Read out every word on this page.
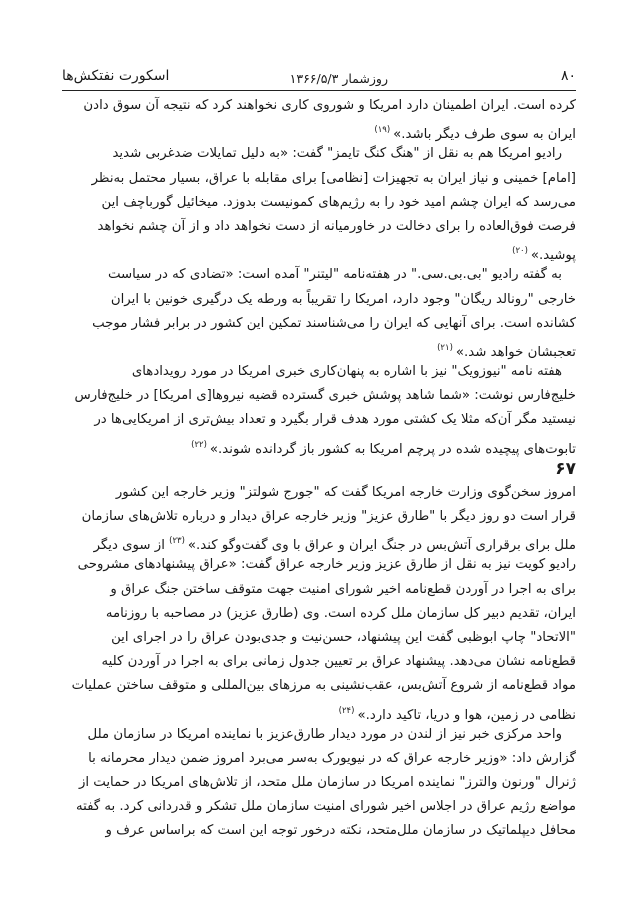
۸۰
روزشمار ۱۳۶۶/۵/۳
اسکورت نفتکش‌ها
کرده است. ایران اطمینان دارد امریکا و شوروی کاری نخواهند کرد که نتیجه آن سوق دادن
ایران به سوی طرف دیگر باشد.»$^{(۱۹)}$
رادیو امریکا هم به نقل از "هنگ کنگ تایمز" گفت: «به دلیل تمایلات ضدغربی شدید
[امام] خمینی و نیاز ایران به تجهیزات [نظامی] برای مقابله با عراق، بسیار محتمل به‌نظر
می‌رسد که ایران چشم امید خود را به رژیم‌های کمونیست بدوزد. میخائیل گورباچف این
فرصت فوق‌العاده را برای دخالت در خاورمیانه از دست نخواهد داد و از آن چشم نخواهد
پوشید.»$^{(۲۰)}$
به گفته رادیو "بی.بی.سی." در هفته‌نامه "لیتنر" آمده است: «تضادی که در سیاست
خارجی "رونالد ریگان" وجود دارد، امریکا را تقریباً به ورطه یک درگیری خونین با ایران
کشانده است. برای آنهایی که ایران را می‌شناسند تمکین این کشور در برابر فشار موجب
تعجبشان خواهد شد.»$^{(۲۱)}$
هفته نامه "نیوزویک" نیز با اشاره به پنهان‌کاری خبری امریکا در مورد رویدادهای
خلیج‌فارس نوشت: «شما شاهد پوشش خبری گسترده قضیه نیروها[ی امریکا] در خلیج‌فارس
نیستید مگر آن‌که مثلا یک کشتی مورد هدف قرار بگیرد و تعداد بیش‌تری از امریکایی‌ها در
تابوت‌های پیچیده شده در پرچم امریکا به کشور باز گردانده شوند.»$^{(۲۲)}$
۶۷
امروز سخن‌گوی وزارت خارجه امریکا گفت که "جورج شولتز" وزیر خارجه این کشور
قرار است دو روز دیگر با "طارق عزیز" وزیر خارجه عراق دیدار و درباره تلاش‌های سازمان
ملل برای برقراری آتش‌بس در جنگ ایران و عراق با وی گفت‌وگو کند.»$^{(۲۳)}$ از سوی دیگر
رادیو کویت نیز به نقل از طارق عزیز وزیر خارجه عراق گفت: «عراق پیشنهادهای مشروحی
برای به اجرا در آوردن قطع‌نامه اخیر شورای امنیت جهت متوقف ساختن جنگ عراق و
ایران، تقدیم دبیر کل سازمان ملل کرده است. وی (طارق عزیز) در مصاحبه با روزنامه
"الاتحاد" چاپ ابوظبی گفت این پیشنهاد، حسن‌نیت و جدی‌بودن عراق را در اجرای این
قطع‌نامه نشان می‌دهد. پیشنهاد عراق بر تعیین جدول زمانی برای به اجرا در آوردن کلیه
مواد قطع‌نامه از شروع آتش‌بس، عقب‌نشینی به مرزهای بین‌المللی و متوقف ساختن عملیات
نظامی در زمین، هوا و دریا، تاکید دارد.»$^{(۲۴)}$
واحد مرکزی خبر نیز از لندن در مورد دیدار طارق‌عزیز با نماینده امریکا در سازمان ملل
گزارش داد: «وزیر خارجه عراق که در نیویورک به‌سر می‌برد امروز ضمن دیدار محرمانه با
ژنرال "ورنون والترز" نماینده امریکا در سازمان ملل متحد، از تلاش‌های امریکا در حمایت از
مواضع رژیم عراق در اجلاس اخیر شورای امنیت سازمان ملل تشکر و قدردانی کرد. به گفته
محافل دیپلماتیک در سازمان ملل‌متحد، نکته درخور توجه این است که براساس عرف و
